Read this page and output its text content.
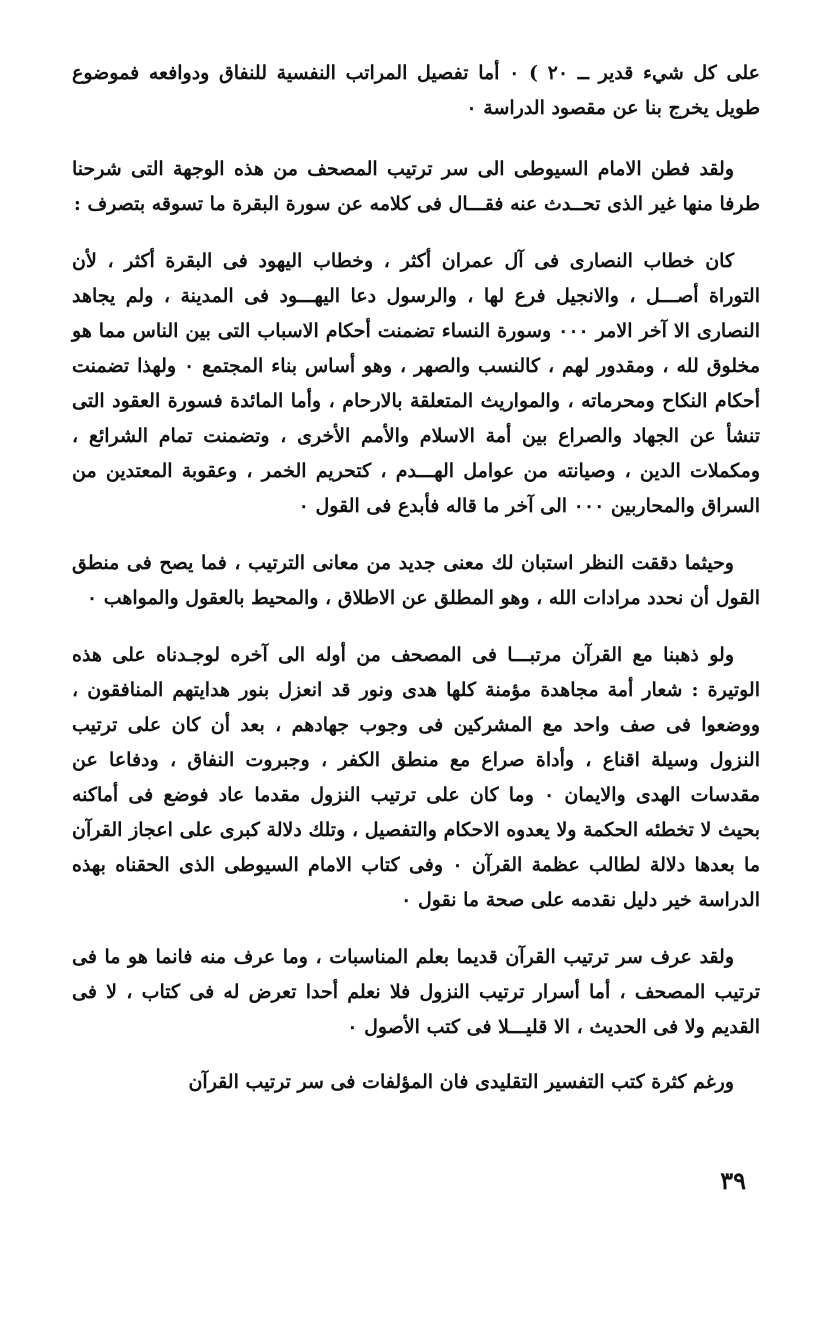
على كل شيء قدير ــ ٢٠ ) ٠ أما تفصيل المراتب النفسية للنفاق ودوافعه فموضوع طويل يخرج بنا عن مقصود الدراسة ٠

ولقد فطن الامام السيوطى الى سر ترتيب المصحف من هذه الوجهة التى شرحنا طرفا منها غير الذى تحــدث عنه فقـــال فى كلامه عن سورة البقرة ما تسوقه بتصرف :

كان خطاب النصارى فى آل عمران أكثر ، وخطاب اليهود فى البقرة أكثر ، لأن التوراة أصـــل ، والانجيل فرع لها ، والرسول دعا اليهـــود فى المدينة ، ولم يجاهد النصارى الا آخر الامر ٠٠٠ وسورة النساء تضمنت أحكام الاسباب التى بين الناس مما هو مخلوق لله ، ومقدور لهم ، كالنسب والصهر ، وهو أساس بناء المجتمع ٠ ولهذا تضمنت أحكام النكاح ومحرماته ، والمواريث المتعلقة بالارحام ، وأما المائدة فسورة العقود التى تنشأ عن الجهاد والصراع بين أمة الاسلام والأمم الأخرى ، وتضمنت تمام الشرائع ، ومكملات الدين ، وصيانته من عوامل الهـــدم ، كتحريم الخمر ، وعقوبة المعتدين من السراق والمحاربين ٠٠٠ الى آخر ما قاله فأبدع فى القول ٠

وحيثما دققت النظر استبان لك معنى جديد من معانى الترتيب ، فما يصح فى منطق القول أن نحدد مرادات الله ، وهو المطلق عن الاطلاق ، والمحيط بالعقول والمواهب ٠

ولو ذهبنا مع القرآن مرتبـــا فى المصحف من أوله الى آخره لوجـدناه على هذه الوتيرة : شعار أمة مجاهدة مؤمنة كلها هدى ونور قد انعزل بنور هدايتهم المنافقون ، ووضعوا فى صف واحد مع المشركين فى وجوب جهادهم ، بعد أن كان على ترتيب النزول وسيلة اقناع ، وأداة صراع مع منطق الكفر ، وجبروت النفاق ، ودفاعا عن مقدسات الهدى والايمان ٠ وما كان على ترتيب النزول مقدما عاد فوضع فى أماكنه بحيث لا تخطئه الحكمة ولا يعدوه الاحكام والتفصيل ، وتلك دلالة كبرى على اعجاز القرآن ما بعدها دلالة لطالب عظمة القرآن ٠ وفى كتاب الامام السيوطى الذى الحقناه بهذه الدراسة خير دليل نقدمه على صحة ما نقول ٠

ولقد عرف سر ترتيب القرآن قديما بعلم المناسبات ، وما عرف منه فانما هو ما فى ترتيب المصحف ، أما أسرار ترتيب النزول فلا نعلم أحدا تعرض له فى كتاب ، لا فى القديم ولا فى الحديث ، الا قليـــلا فى كتب الأصول ٠

ورغم كثرة كتب التفسير التقليدى فان المؤلفات فى سر ترتيب القرآن

٣٩
